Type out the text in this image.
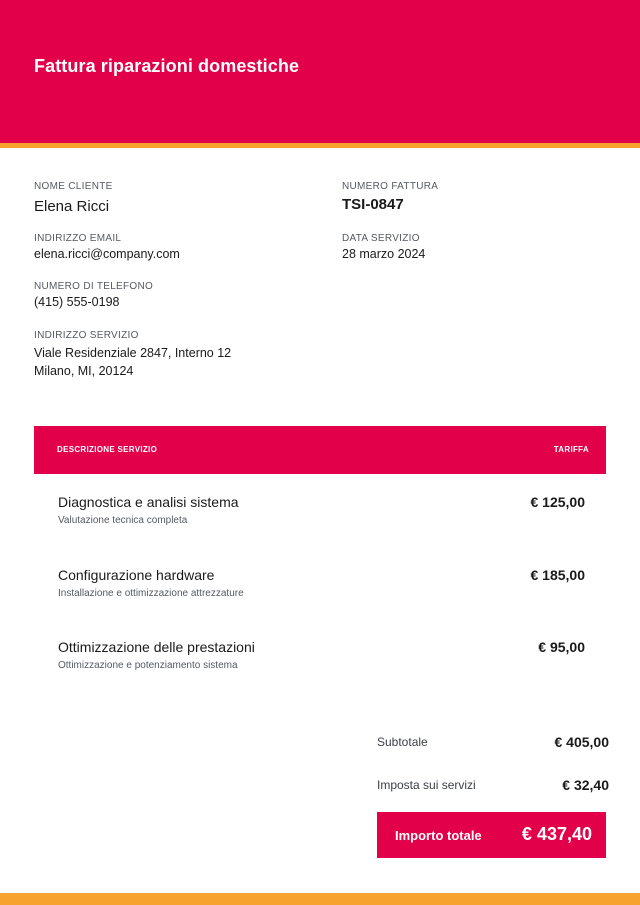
Fattura riparazioni domestiche
NOME CLIENTE
Elena Ricci
INDIRIZZO EMAIL
elena.ricci@company.com
NUMERO DI TELEFONO
(415) 555-0198
INDIRIZZO SERVIZIO
Viale Residenziale 2847, Interno 12
Milano, MI, 20124
NUMERO FATTURA
TSI-0847
DATA SERVIZIO
28 marzo 2024
DESCRIZIONE SERVIZIO	TARIFFA
Diagnostica e analisi sistema
Valutazione tecnica completa
€ 125,00
Configurazione hardware
Installazione e ottimizzazione attrezzature
€ 185,00
Ottimizzazione delle prestazioni
Ottimizzazione e potenziamento sistema
€ 95,00
Subtotale	€ 405,00
Imposta sui servizi	€ 32,40
Importo totale € 437,40
